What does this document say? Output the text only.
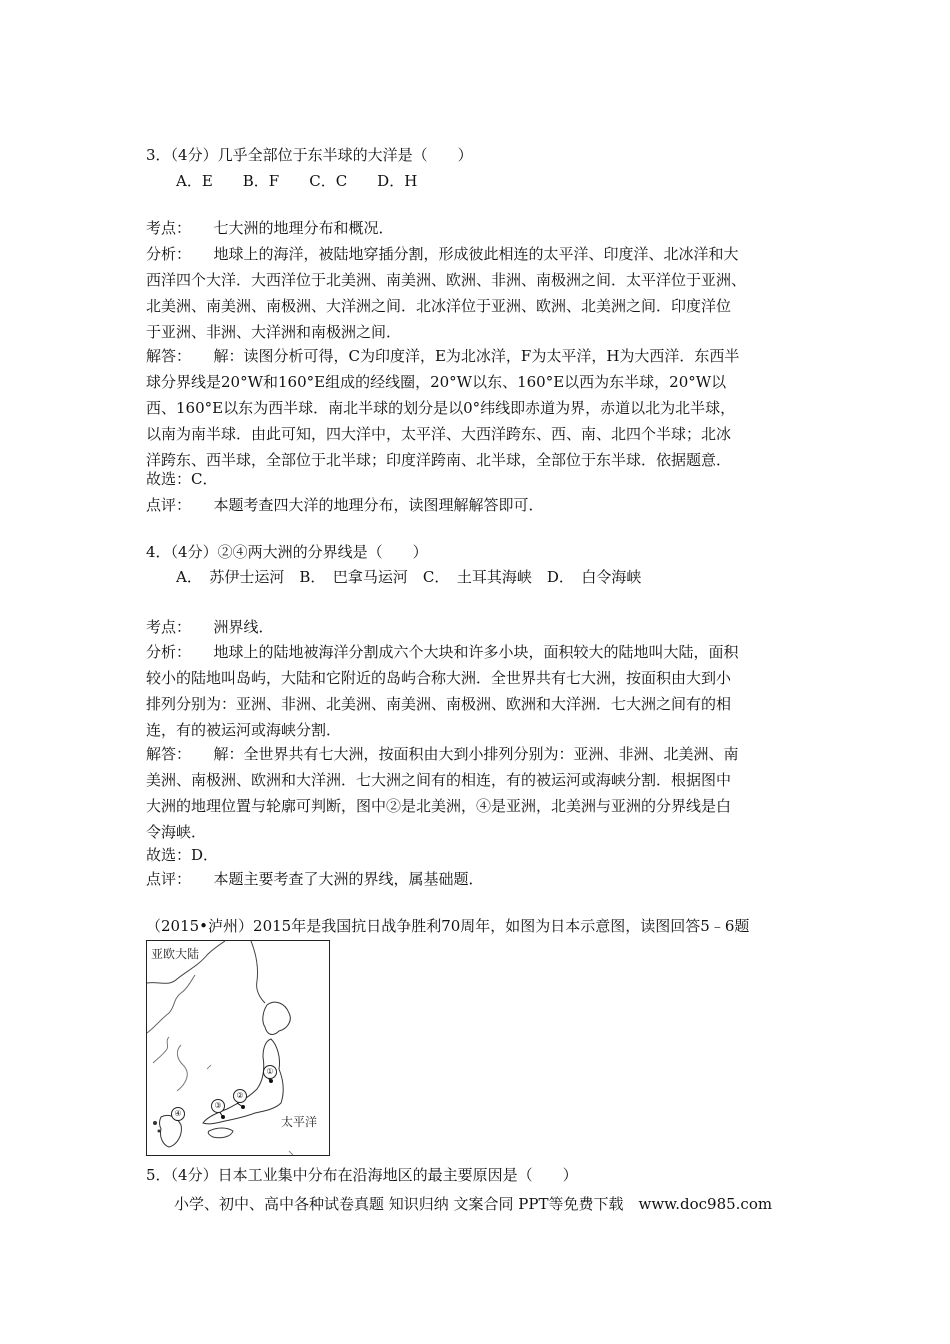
3．（4分）几乎全部位于东半球的大洋是（　　）
A．E　　B．F　　C．C　　D．H
考点：　　七大洲的地理分布和概况．
分析：　　地球上的海洋，被陆地穿插分割，形成彼此相连的太平洋、印度洋、北冰洋和大
西洋四个大洋．大西洋位于北美洲、南美洲、欧洲、非洲、南极洲之间．太平洋位于亚洲、
北美洲、南美洲、南极洲、大洋洲之间．北冰洋位于亚洲、欧洲、北美洲之间．印度洋位
于亚洲、非洲、大洋洲和南极洲之间．
解答：　　解：读图分析可得，C为印度洋，E为北冰洋，F为太平洋，H为大西洋．东西半
球分界线是20°W和160°E组成的经线圈，20°W以东、160°E以西为东半球，20°W以
西、160°E以东为西半球．南北半球的划分是以0°纬线即赤道为界，赤道以北为北半球，
以南为南半球．由此可知，四大洋中，太平洋、大西洋跨东、西、南、北四个半球；北冰
洋跨东、西半球，全部位于北半球；印度洋跨南、北半球，全部位于东半球．依据题意．
故选：C．
点评：　　本题考查四大洋的地理分布，读图理解解答即可．
4．（4分）②④两大洲的分界线是（　　）
A．　苏伊士运河　B．　巴拿马运河　C．　土耳其海峡　D．　白令海峡
考点：　　洲界线．
分析：　　地球上的陆地被海洋分割成六个大块和许多小块，面积较大的陆地叫大陆，面积
较小的陆地叫岛屿，大陆和它附近的岛屿合称大洲．全世界共有七大洲，按面积由大到小
排列分别为：亚洲、非洲、北美洲、南美洲、南极洲、欧洲和大洋洲．七大洲之间有的相
连，有的被运河或海峡分割．
解答：　　解：全世界共有七大洲，按面积由大到小排列分别为：亚洲、非洲、北美洲、南
美洲、南极洲、欧洲和大洋洲．七大洲之间有的相连，有的被运河或海峡分割．根据图中
大洲的地理位置与轮廓可判断，图中②是北美洲，④是亚洲，北美洲与亚洲的分界线是白
令海峡．
故选：D．
点评：　　本题主要考查了大洲的界线，属基础题．
（2015•泸州）2015年是我国抗日战争胜利70周年，如图为日本示意图，读图回答5﹣6题
亚欧大陆
太平洋
①
②
③
④
5．（4分）日本工业集中分布在沿海地区的最主要原因是（　　）
小学、初中、高中各种试卷真题 知识归纳 文案合同 PPT等免费下载　www.doc985.com
